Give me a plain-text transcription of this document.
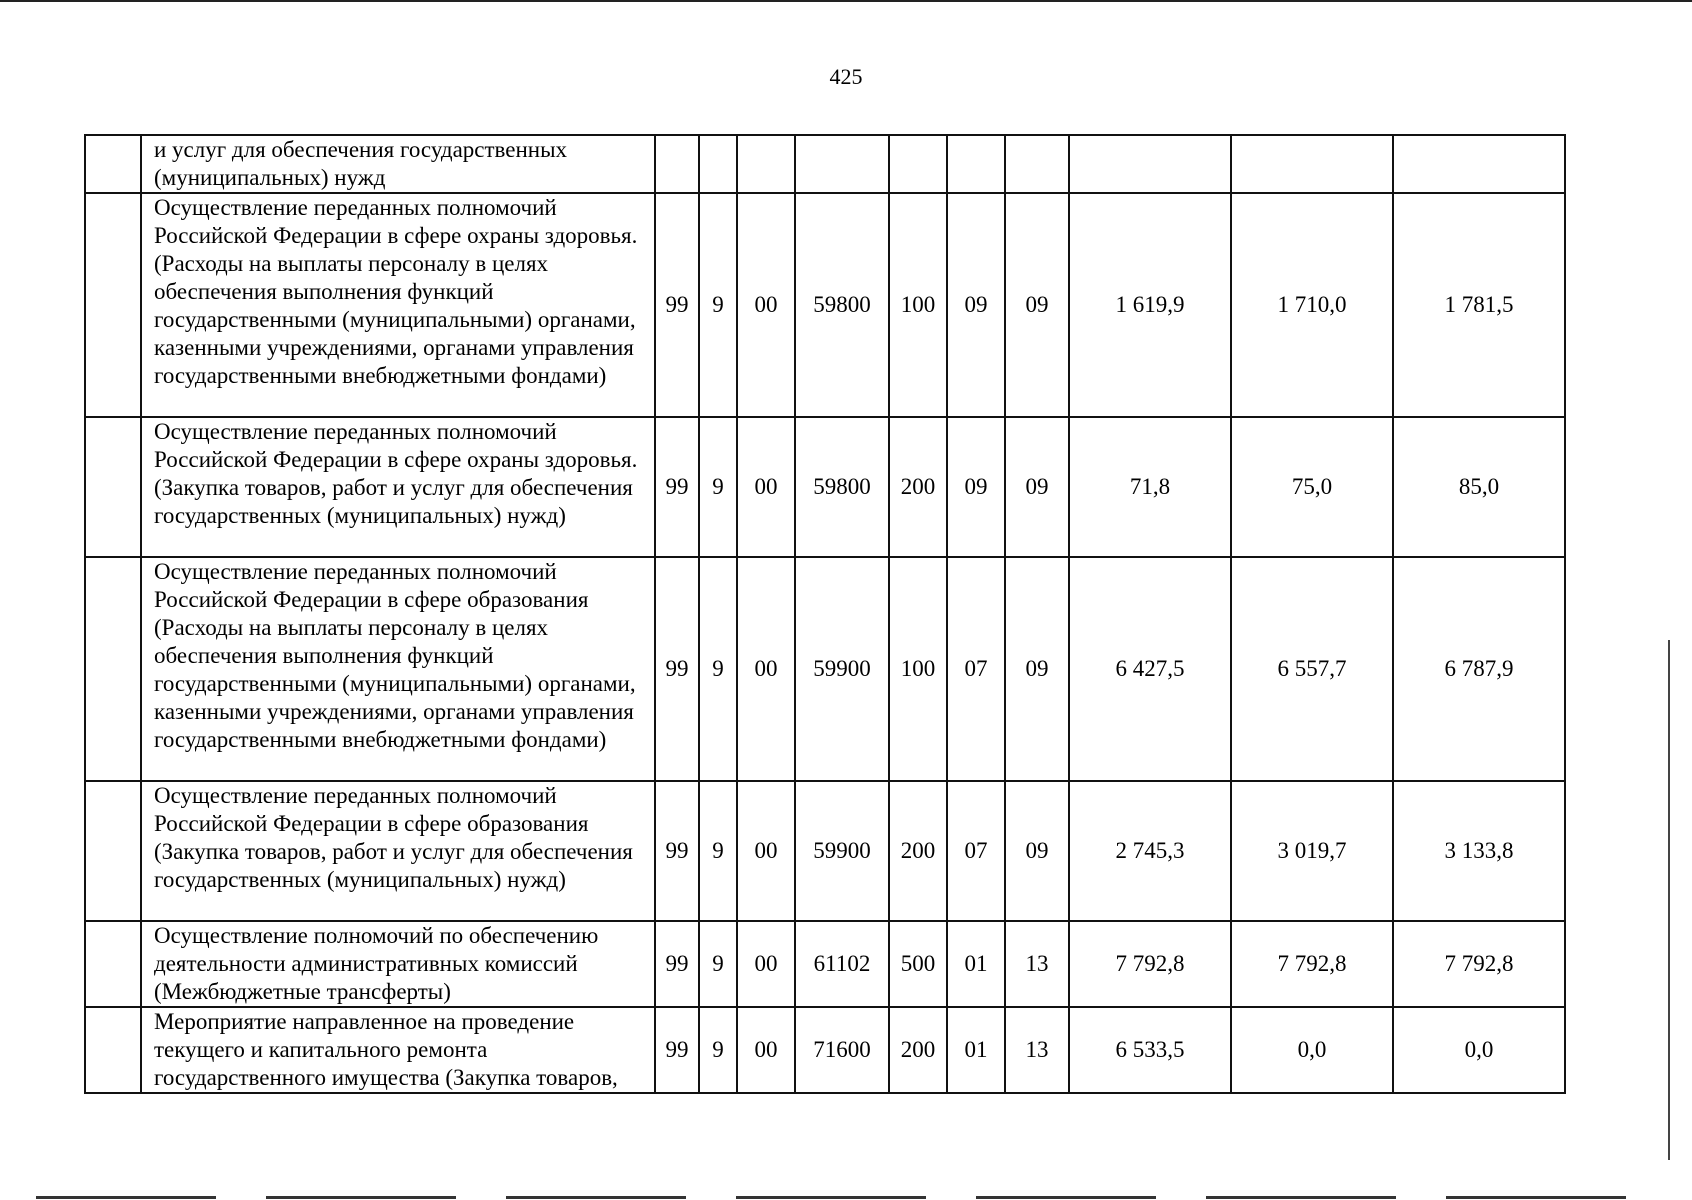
425
	и услуг для обеспечения государственных (муниципальных) нужд										
	Осуществление переданных полномочий Российской Федерации в сфере охраны здоровья. (Расходы на выплаты персоналу в целях обеспечения выполнения функций государственными (муниципальными) органами, казенными учреждениями, органами управления государственными внебюджетными фондами)	99	9	00	59800	100	09	09	1 619,9	1 710,0	1 781,5
	Осуществление переданных полномочий Российской Федерации в сфере охраны здоровья. (Закупка товаров, работ и услуг для обеспечения государственных (муниципальных) нужд)	99	9	00	59800	200	09	09	71,8	75,0	85,0
	Осуществление переданных полномочий Российской Федерации в сфере образования (Расходы на выплаты персоналу в целях обеспечения выполнения функций государственными (муниципальными) органами, казенными учреждениями, органами управления государственными внебюджетными фондами)	99	9	00	59900	100	07	09	6 427,5	6 557,7	6 787,9
	Осуществление переданных полномочий Российской Федерации в сфере образования (Закупка товаров, работ и услуг для обеспечения государственных (муниципальных) нужд)	99	9	00	59900	200	07	09	2 745,3	3 019,7	3 133,8
	Осуществление полномочий по обеспечению деятельности административных комиссий (Межбюджетные трансферты)	99	9	00	61102	500	01	13	7 792,8	7 792,8	7 792,8
	Мероприятие направленное на проведение текущего и капитального ремонта государственного имущества (Закупка товаров,	99	9	00	71600	200	01	13	6 533,5	0,0	0,0
